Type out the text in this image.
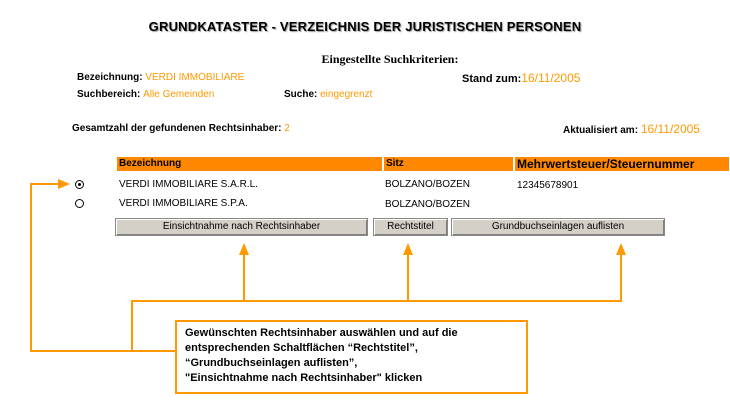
GRUNDKATASTER - VERZEICHNIS DER JURISTISCHEN PERSONEN
Eingestellte Suchkriterien:
Bezeichnung: VERDI IMMOBILIARE	Stand zum:16/11/2005
Suchbereich: Alle Gemeinden	Suche: eingegrenzt
Gesamtzahl der gefundenen Rechtsinhaber: 2	Aktualisiert am: 16/11/2005
Bezeichnung	Sitz	Mehrwertsteuer/Steuernummer
VERDI IMMOBILIARE S.A.R.L.	BOLZANO/BOZEN	12345678901
VERDI IMMOBILIARE S.P.A.	BOLZANO/BOZEN
Einsichtnahme nach Rechtsinhaber	Rechtstitel	Grundbuchseinlagen auflisten
Gewünschten Rechtsinhaber auswählen und auf die
entsprechenden Schaltflächen “Rechtstitel”,
“Grundbuchseinlagen auflisten”,
"Einsichtnahme nach Rechtsinhaber" klicken
